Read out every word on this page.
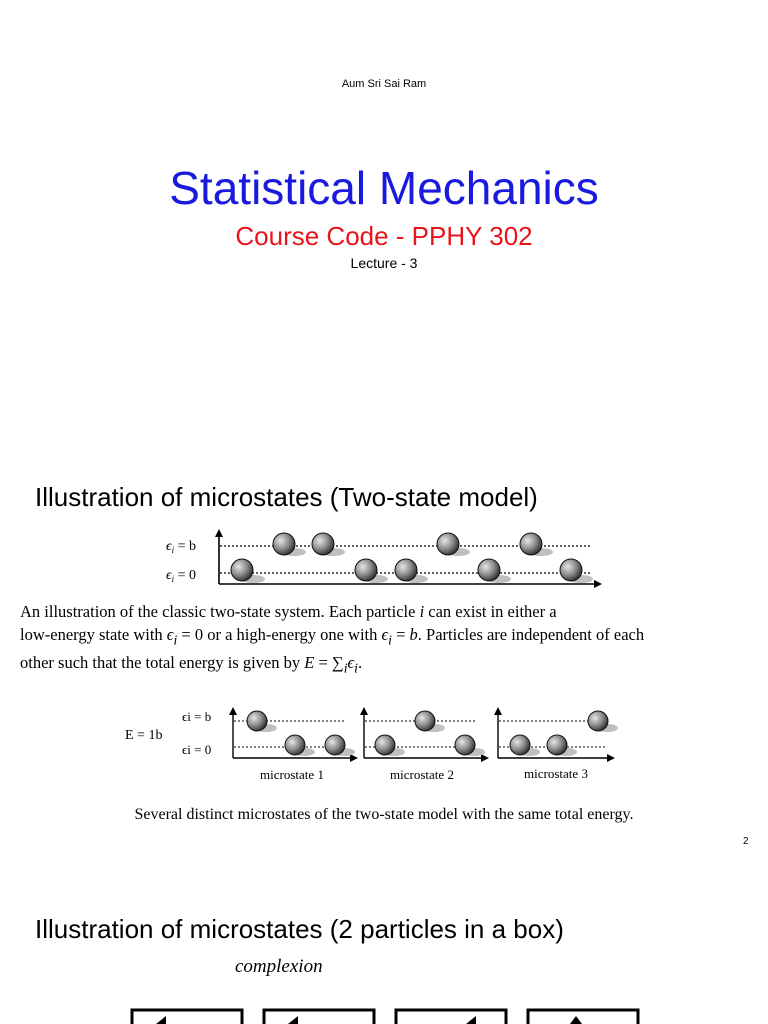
Aum Sri Sai Ram
Statistical Mechanics
Course Code - PPHY 302
Lecture - 3
Illustration of microstates (Two-state model)
$\epsilon_i = b$
$\epsilon_i = 0$
An illustration of the classic two-state system. Each particle i can exist in either a
low-energy state with $\epsilon_i = 0$ or a high-energy one with $\epsilon_i = b$. Particles are independent of each
other such that the total energy is given by $E = \sum_i\epsilon_i$.
E = 1b
ϵi = b
ϵi = 0
microstate 1	microstate 2	microstate 3
Several distinct microstates of the two-state model with the same total energy.
2
Illustration of microstates (2 particles in a box)
complexion
